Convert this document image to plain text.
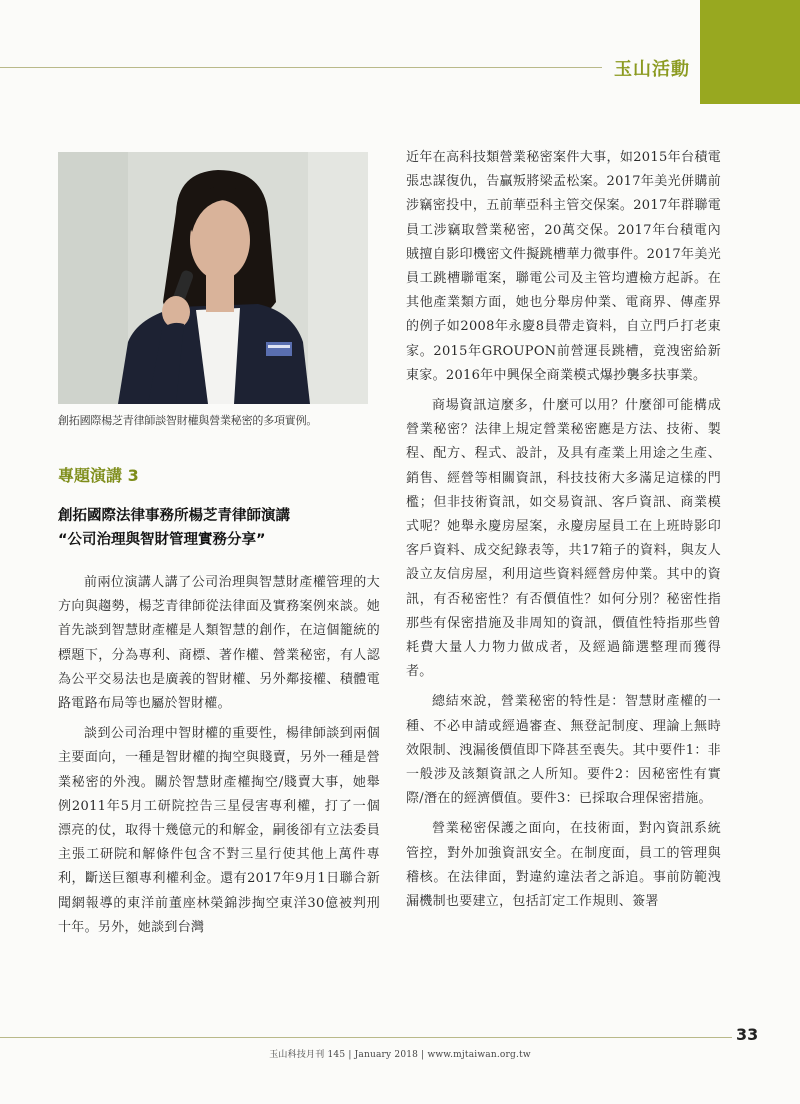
玉山活動
創拓國際楊芝青律師談智財權與營業秘密的多項實例。
專題演講 3
創拓國際法律事務所楊芝青律師演講
“公司治理與智財管理實務分享”

前兩位演講人講了公司治理與智慧財產權管理的大方向與趨勢，楊芝青律師從法律面及實務案例來談。她首先談到智慧財產權是人類智慧的創作，在這個籠統的標題下，分為專利、商標、著作權、營業秘密，有人認為公平交易法也是廣義的智財權、另外鄰接權、積體電路電路布局等也屬於智財權。

談到公司治理中智財權的重要性，楊律師談到兩個主要面向，一種是智財權的掏空與賤賣，另外一種是營業秘密的外洩。關於智慧財產權掏空/賤賣大事，她舉例2011年5月工研院控告三星侵害專利權，打了一個漂亮的仗，取得十幾億元的和解金，嗣後卻有立法委員主張工研院和解條件包含不對三星行使其他上萬件專利，斷送巨額專利權利金。還有2017年9月1日聯合新聞網報導的東洋前董座林榮錦涉掏空東洋30億被判刑十年。另外，她談到台灣

近年在高科技類營業秘密案件大事，如2015年台積電張忠謀復仇，告贏叛將梁孟松案。2017年美光併購前涉竊密投中，五前華亞科主管交保案。2017年群聯電員工涉竊取營業秘密，20萬交保。2017年台積電內賊擅自影印機密文件擬跳槽華力微事件。2017年美光員工跳槽聯電案，聯電公司及主管均遭檢方起訴。在其他產業類方面，她也分舉房仲業、電商界、傳產界的例子如2008年永慶8員帶走資料，自立門戶打老東家。2015年GROUPON前營運長跳槽，竟洩密給新東家。2016年中興保全商業模式爆抄襲多扶事業。

商場資訊這麼多，什麼可以用？什麼卻可能構成營業秘密？法律上規定營業秘密應是方法、技術、製程、配方、程式、設計，及具有產業上用途之生產、銷售、經營等相關資訊，科技技術大多滿足這樣的門檻；但非技術資訊，如交易資訊、客戶資訊、商業模式呢？她舉永慶房屋案，永慶房屋員工在上班時影印客戶資料、成交紀錄表等，共17箱子的資料，與友人設立友信房屋，利用這些資料經營房仲業。其中的資訊，有否秘密性？有否價值性？如何分別？秘密性指那些有保密措施及非周知的資訊，價值性特指那些曾耗費大量人力物力做成者，及經過篩選整理而獲得者。

總結來說，營業秘密的特性是：智慧財產權的一種、不必申請或經過審查、無登記制度、理論上無時效限制、洩漏後價值即下降甚至喪失。其中要件1：非一般涉及該類資訊之人所知。要件2：因秘密性有實際/潛在的經濟價值。要件3：已採取合理保密措施。

營業秘密保護之面向，在技術面，對內資訊系統管控，對外加強資訊安全。在制度面，員工的管理與稽核。在法律面，對違約違法者之訴追。事前防範洩漏機制也要建立，包括訂定工作規則、簽署

33
玉山科技月刊 145 | January 2018 | www.mjtaiwan.org.tw
